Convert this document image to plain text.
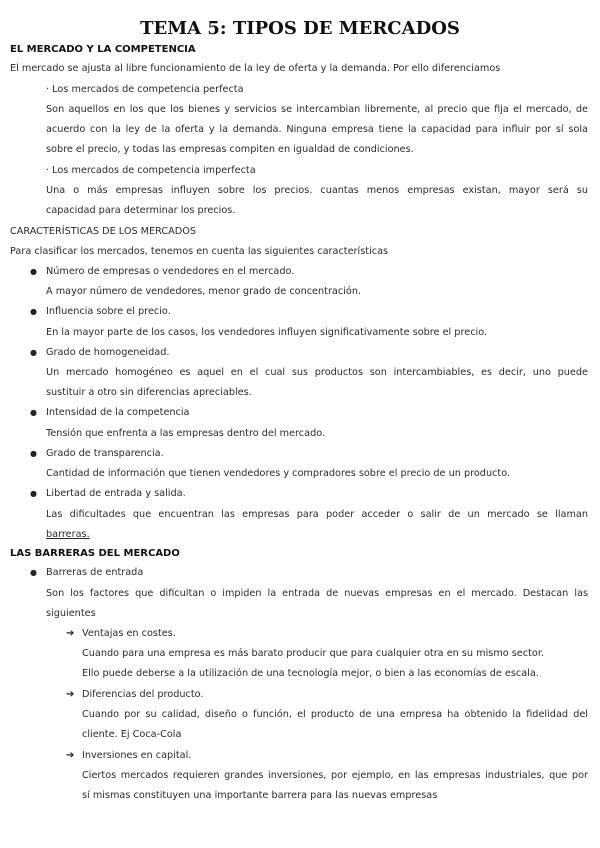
TEMA 5: TIPOS DE MERCADOS
EL MERCADO Y LA COMPETENCIA
El mercado se ajusta al libre funcionamiento de la ley de oferta y la demanda. Por ello diferenciamos
· Los mercados de competencia perfecta
Son aquellos en los que los bienes y servicios se intercambian libremente, al precio que fija el mercado, de
acuerdo con la ley de la oferta y la demanda. Ninguna empresa tiene la capacidad para influir por sí sola
sobre el precio, y todas las empresas compiten en igualdad de condiciones.
· Los mercados de competencia imperfecta
Una o más empresas influyen sobre los precios. cuantas menos empresas existan, mayor será su
capacidad para determinar los precios.
CARACTERÍSTICAS DE LOS MERCADOS
Para clasificar los mercados, tenemos en cuenta las siguientes características
● Número de empresas o vendedores en el mercado.
A mayor número de vendedores, menor grado de concentración.
● Influencia sobre el precio.
En la mayor parte de los casos, los vendedores influyen significativamente sobre el precio.
● Grado de homogeneidad.
Un mercado homogéneo es aquel en el cual sus productos son intercambiables, es decir, uno puede
sustituir a otro sin diferencias apreciables.
● Intensidad de la competencia
Tensión que enfrenta a las empresas dentro del mercado.
● Grado de transparencia.
Cantidad de información que tienen vendedores y compradores sobre el precio de un producto.
● Libertad de entrada y salida.
Las dificultades que encuentran las empresas para poder acceder o salir de un mercado se llaman
barreras.
LAS BARRERAS DEL MERCADO
● Barreras de entrada
Son los factores que dificultan o impiden la entrada de nuevas empresas en el mercado. Destacan las
siguientes
➔ Ventajas en costes.
Cuando para una empresa es más barato producir que para cualquier otra en su mismo sector.
Ello puede deberse a la utilización de una tecnología mejor, o bien a las economías de escala.
➔ Diferencias del producto.
Cuando por su calidad, diseño o función, el producto de una empresa ha obtenido la fidelidad del
cliente. Ej Coca-Cola
➔ Inversiones en capital.
Ciertos mercados requieren grandes inversiones, por ejemplo, en las empresas industriales, que por
sí mismas constituyen una importante barrera para las nuevas empresas
